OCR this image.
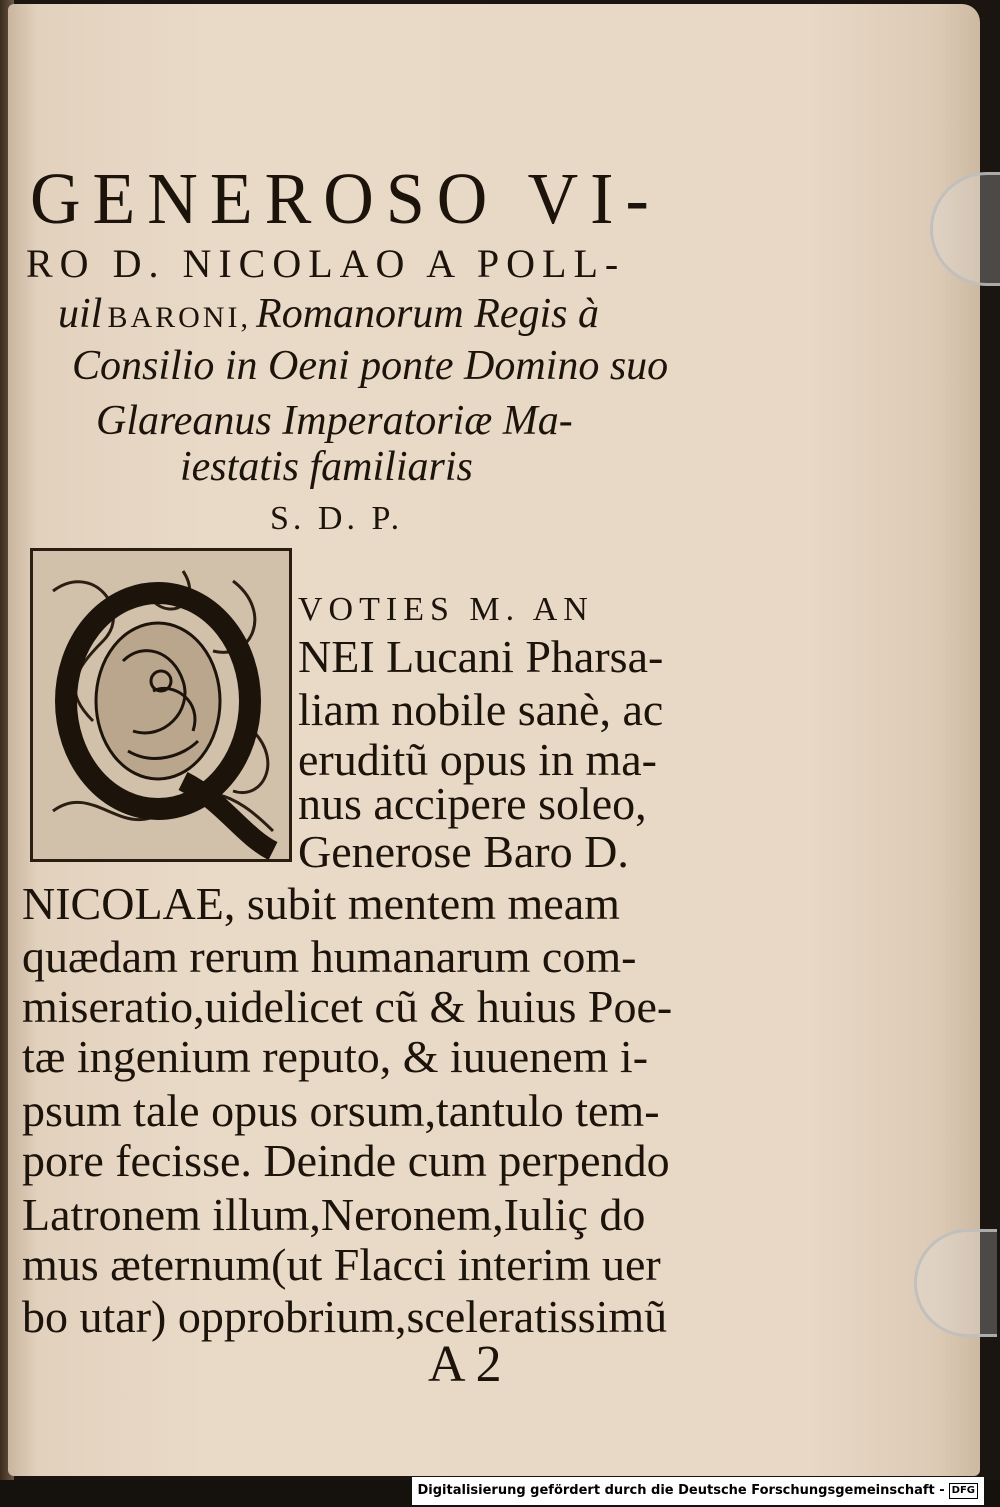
GENEROSO VI-
RO D. NICOLAO A POLL-
uil BARONI, Romanorum Regis à
Consilio in Oeni ponte Domino suo
Glareanus Imperatoriæ Ma-
iestatis familiaris
S. D. P.
VOTIES M. AN
NEI Lucani Pharsa-
liam nobile sanè, ac
eruditũ opus in ma-
nus accipere soleo,
Generose Baro D.
NICOLAE, subit mentem meam
quædam rerum humanarum com-
miseratio,uidelicet cũ & huius Poe-
tæ ingenium reputo, & iuuenem i-
psum tale opus orsum,tantulo tem-
pore fecisse. Deinde cum perpendo
Latronem illum,Neronem,Iuliç do
mus æternum(ut Flacci interim uer
bo utar) opprobrium,sceleratissimũ
A 2
Digitalisierung gefördert durch die Deutsche Forschungsgemeinschaft - DFG
